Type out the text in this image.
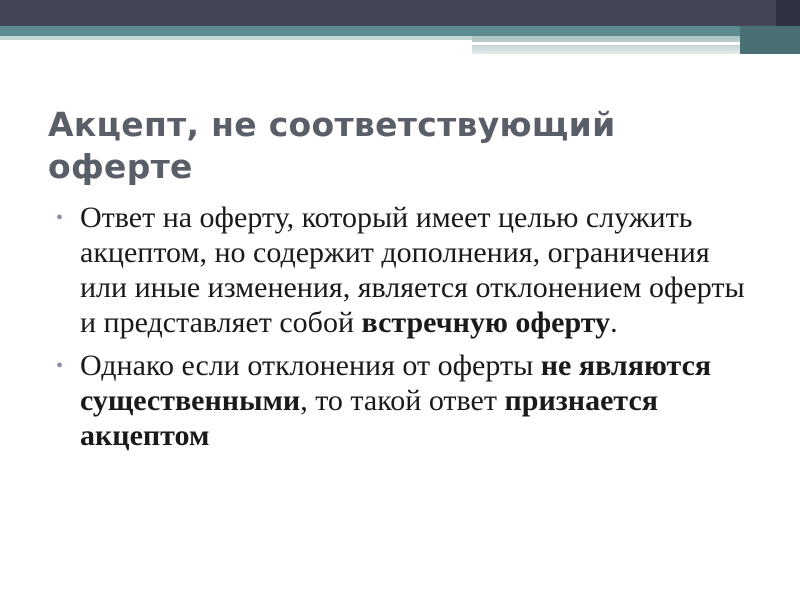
Акцепт, не соответствующий
оферте
• Ответ на оферту, который имеет целью служить акцептом, но содержит дополнения, ограничения или иные изменения, является отклонением оферты и представляет собой встречную оферту.
• Однако если отклонения от оферты не являются существенными, то такой ответ признается акцептом
